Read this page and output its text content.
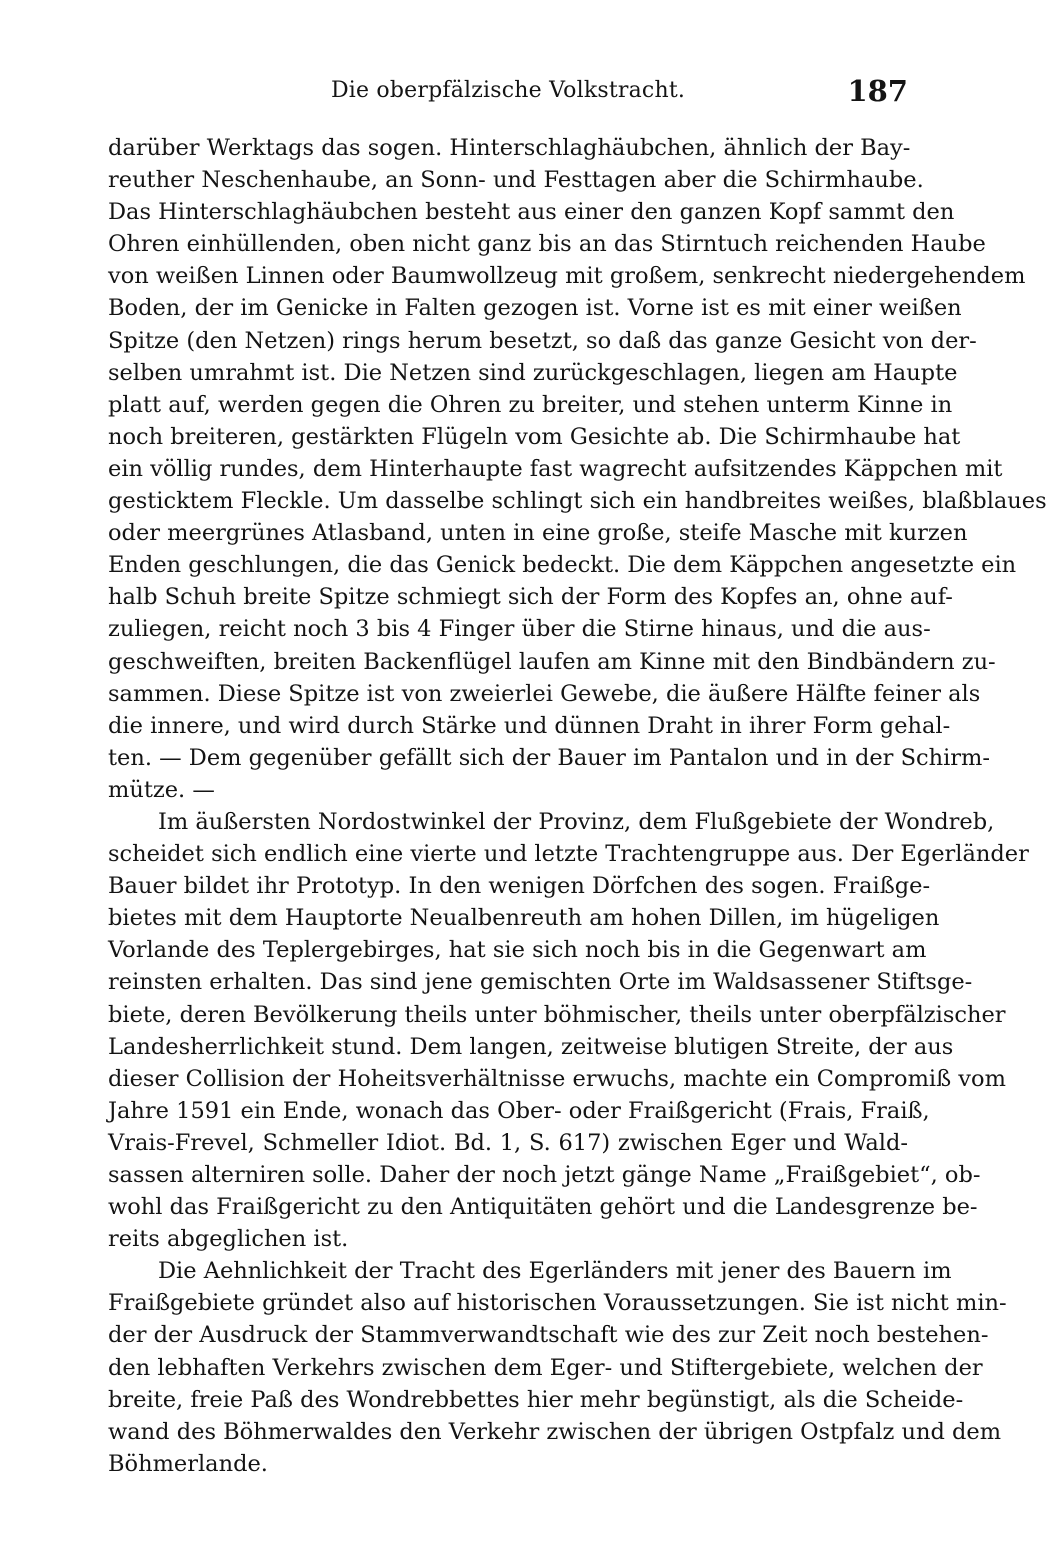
Die oberpfälzische Volkstracht.	187
darüber Werktags das sogen. Hinterschlaghäubchen, ähnlich der Bay-
reuther Neschenhaube, an Sonn- und Festtagen aber die Schirmhaube.
Das Hinterschlaghäubchen besteht aus einer den ganzen Kopf sammt den
Ohren einhüllenden, oben nicht ganz bis an das Stirntuch reichenden Haube
von weißen Linnen oder Baumwollzeug mit großem, senkrecht niedergehendem
Boden, der im Genicke in Falten gezogen ist. Vorne ist es mit einer weißen
Spitze (den Netzen) rings herum besetzt, so daß das ganze Gesicht von der-
selben umrahmt ist. Die Netzen sind zurückgeschlagen, liegen am Haupte
platt auf, werden gegen die Ohren zu breiter, und stehen unterm Kinne in
noch breiteren, gestärkten Flügeln vom Gesichte ab. Die Schirmhaube hat
ein völlig rundes, dem Hinterhaupte fast wagrecht aufsitzendes Käppchen mit
gesticktem Fleckle. Um dasselbe schlingt sich ein handbreites weißes, blaßblaues
oder meergrünes Atlasband, unten in eine große, steife Masche mit kurzen
Enden geschlungen, die das Genick bedeckt. Die dem Käppchen angesetzte ein
halb Schuh breite Spitze schmiegt sich der Form des Kopfes an, ohne auf-
zuliegen, reicht noch 3 bis 4 Finger über die Stirne hinaus, und die aus-
geschweiften, breiten Backenflügel laufen am Kinne mit den Bindbändern zu-
sammen. Diese Spitze ist von zweierlei Gewebe, die äußere Hälfte feiner als
die innere, und wird durch Stärke und dünnen Draht in ihrer Form gehal-
ten. — Dem gegenüber gefällt sich der Bauer im Pantalon und in der Schirm-
mütze. —
Im äußersten Nordostwinkel der Provinz, dem Flußgebiete der Wondreb,
scheidet sich endlich eine vierte und letzte Trachtengruppe aus. Der Egerländer
Bauer bildet ihr Prototyp. In den wenigen Dörfchen des sogen. Fraißge-
bietes mit dem Hauptorte Neualbenreuth am hohen Dillen, im hügeligen
Vorlande des Teplergebirges, hat sie sich noch bis in die Gegenwart am
reinsten erhalten. Das sind jene gemischten Orte im Waldsassener Stiftsge-
biete, deren Bevölkerung theils unter böhmischer, theils unter oberpfälzischer
Landesherrlichkeit stund. Dem langen, zeitweise blutigen Streite, der aus
dieser Collision der Hoheitsverhältnisse erwuchs, machte ein Compromiß vom
Jahre 1591 ein Ende, wonach das Ober- oder Fraißgericht (Frais, Fraiß,
Vrais-Frevel, Schmeller Idiot. Bd. 1, S. 617) zwischen Eger und Wald-
sassen alterniren solle. Daher der noch jetzt gänge Name „Fraißgebiet“, ob-
wohl das Fraißgericht zu den Antiquitäten gehört und die Landesgrenze be-
reits abgeglichen ist.
Die Aehnlichkeit der Tracht des Egerländers mit jener des Bauern im
Fraißgebiete gründet also auf historischen Voraussetzungen. Sie ist nicht min-
der der Ausdruck der Stammverwandtschaft wie des zur Zeit noch bestehen-
den lebhaften Verkehrs zwischen dem Eger- und Stiftergebiete, welchen der
breite, freie Paß des Wondrebbettes hier mehr begünstigt, als die Scheide-
wand des Böhmerwaldes den Verkehr zwischen der übrigen Ostpfalz und dem
Böhmerlande.
